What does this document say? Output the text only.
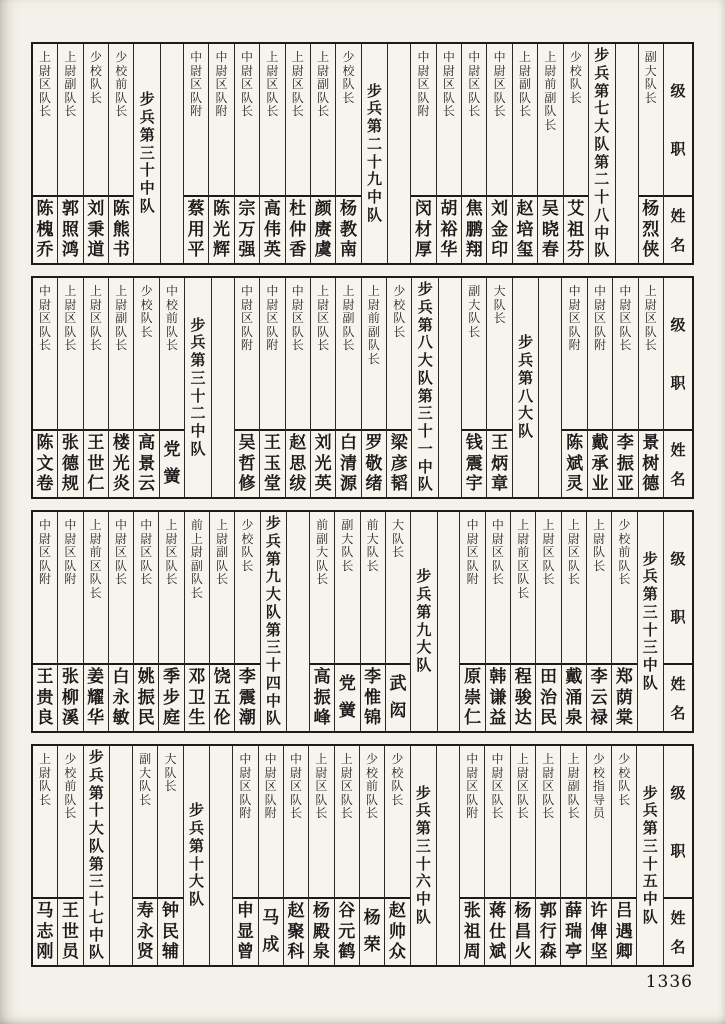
级
职
姓
名
副
大
队
长
杨
烈
侠
步
兵
第
七
大
队
第
二
十
八
中
队
少
校
队
长
艾
祖
芬
上
尉
前
副
队
长
吴
晓
春
上
尉
副
队
长
赵
培
玺
中
尉
区
队
长
刘
金
印
中
尉
区
队
长
焦
鹏
翔
中
尉
区
队
长
胡
裕
华
中
尉
区
队
附
闵
材
厚
步
兵
第
二
十
九
中
队
少
校
队
长
杨
教
南
上
尉
副
队
长
颜
赓
虞
上
尉
区
队
长
杜
仲
香
上
尉
区
队
长
高
伟
英
中
尉
区
队
长
宗
万
强
中
尉
区
队
附
陈
光
辉
中
尉
区
队
附
蔡
用
平
步
兵
第
三
十
中
队
少
校
前
队
长
陈
熊
书
少
校
队
长
刘
秉
道
上
尉
副
队
长
郭
照
鸿
上
尉
区
队
长
陈
槐
乔
级
职
姓
名
上
尉
区
队
长
景
树
德
中
尉
区
队
长
李
振
亚
中
尉
区
队
附
戴
承
业
中
尉
区
队
附
陈
斌
灵
步
兵
第
八
大
队
大
队
长
王
炳
章
副
大
队
长
钱
震
宇
步
兵
第
八
大
队
第
三
十
一
中
队
少
校
队
长
梁
彦
韬
上
尉
前
副
队
长
罗
敬
绪
上
尉
副
队
长
白
清
源
上
尉
区
队
长
刘
光
英
中
尉
区
队
长
赵
思
绂
中
尉
区
队
附
王
玉
堂
中
尉
区
队
附
吴
哲
修
步
兵
第
三
十
二
中
队
中
校
前
队
长
党
黉
少
校
队
长
高
景
云
上
尉
副
队
长
楼
光
炎
上
尉
区
队
长
王
世
仁
上
尉
区
队
长
张
德
规
中
尉
区
队
长
陈
文
卷
级
职
姓
名
步
兵
第
三
十
三
中
队
少
校
前
队
长
郑
荫
棠
上
尉
队
长
李
云
禄
上
尉
区
队
长
戴
涌
泉
上
尉
区
队
长
田
治
民
上
尉
前
区
队
长
程
骏
达
中
尉
区
队
长
韩
谦
益
中
尉
区
队
附
原
崇
仁
步
兵
第
九
大
队
大
队
长
武
闳
前
大
队
长
李
惟
锦
副
大
队
长
党
黉
前
副
大
队
长
高
振
峰
步
兵
第
九
大
队
第
三
十
四
中
队
少
校
队
长
李
震
潮
上
尉
副
队
长
饶
五
伦
前
上
尉
副
队
长
邓
卫
生
上
尉
区
队
长
季
步
庭
中
尉
区
队
长
姚
振
民
中
尉
区
队
长
白
永
敏
上
尉
前
区
队
长
姜
耀
华
中
尉
区
队
附
张
柳
溪
中
尉
区
队
附
王
贵
良
级
职
姓
名
步
兵
第
三
十
五
中
队
少
校
队
长
吕
遇
卿
少
校
指
导
员
许
俾
坚
上
尉
副
队
长
薛
瑞
亭
上
尉
区
队
长
郭
行
森
上
尉
区
队
长
杨
昌
火
中
尉
区
队
长
蒋
仕
斌
中
尉
区
队
附
张
祖
周
步
兵
第
三
十
六
中
队
少
校
队
长
赵
帅
众
少
校
前
队
长
杨
荣
上
尉
区
队
长
谷
元
鹤
上
尉
区
队
长
杨
殿
泉
中
尉
区
队
长
赵
聚
科
中
尉
区
队
附
马
成
中
尉
区
队
附
申
显
曾
步
兵
第
十
大
队
大
队
长
钟
民
辅
副
大
队
长
寿
永
贤
步
兵
第
十
大
队
第
三
十
七
中
队
少
校
前
队
长
王
世
员
上
尉
队
长
马
志
刚
1336
